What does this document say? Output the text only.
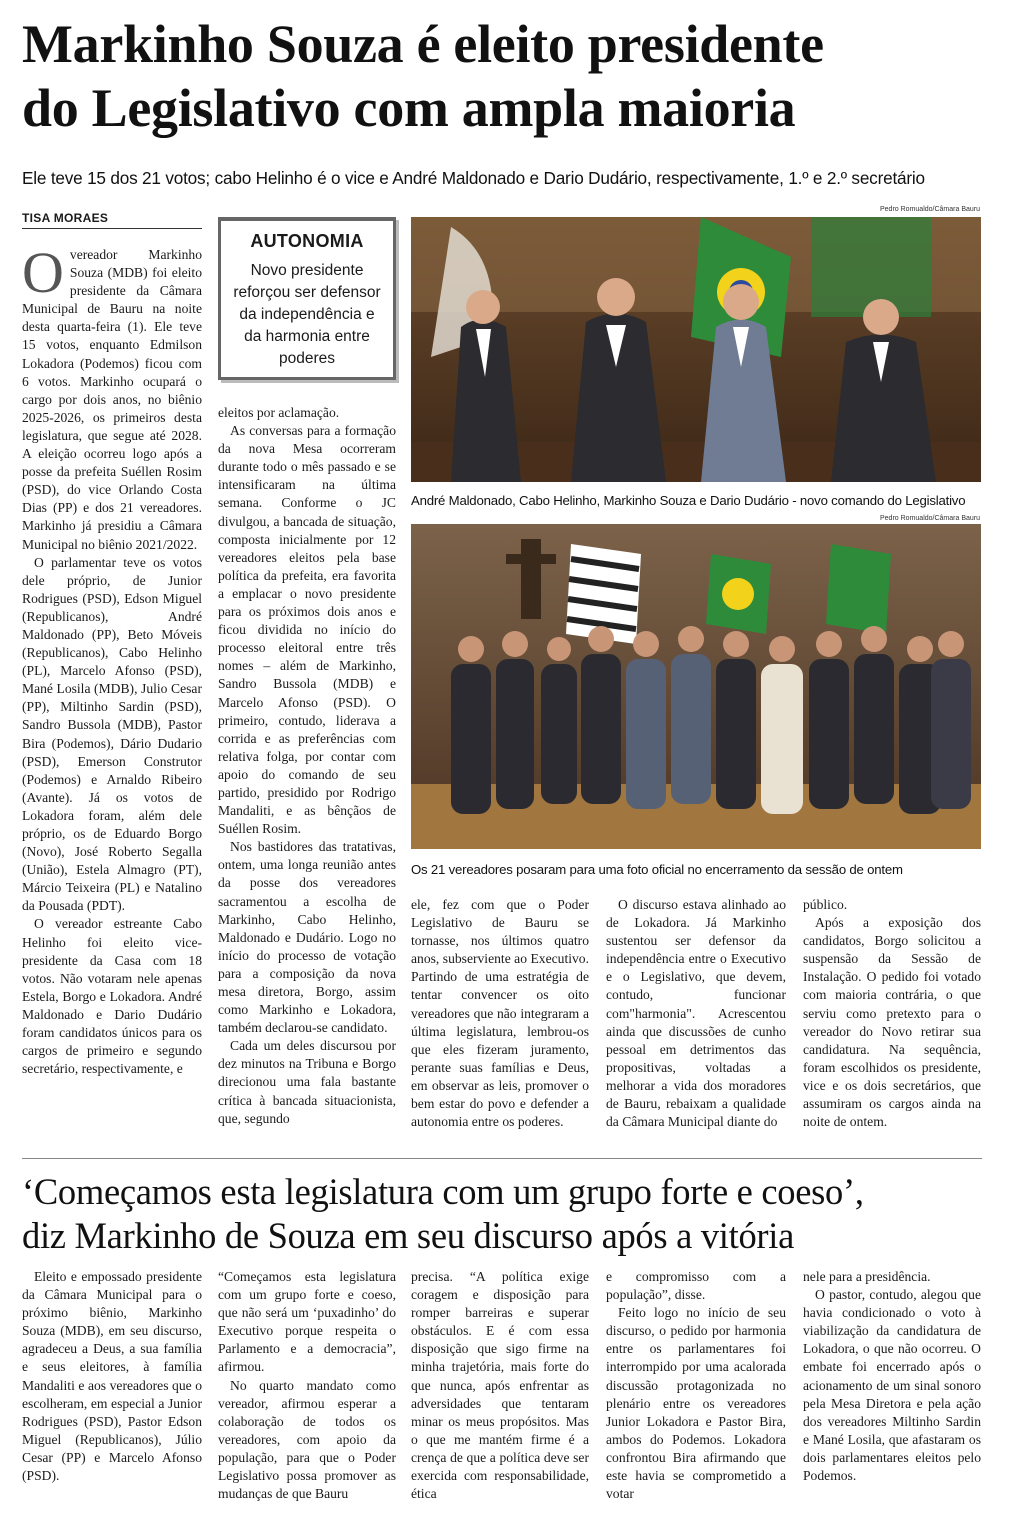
Markinho Souza é eleito presidente
do Legislativo com ampla maioria
Ele teve 15 dos 21 votos; cabo Helinho é o vice e André Maldonado e Dario Dudário, respectivamente, 1.º e 2.º secretário
TISA MORAES

Overeador Markinho Souza (MDB) foi eleito presidente da Câmara Municipal de Bauru na noite desta quarta-feira (1). Ele teve 15 votos, enquanto Edmilson Lokadora (Podemos) ficou com 6 votos. Markinho ocupará o cargo por dois anos, no biênio 2025-2026, os primeiros desta legislatura, que segue até 2028. A eleição ocorreu logo após a posse da prefeita Suéllen Rosim (PSD), do vice Orlando Costa Dias (PP) e dos 21 vereadores. Markinho já presidiu a Câmara Municipal no biênio 2021/2022.

O parlamentar teve os votos dele próprio, de Junior Rodrigues (PSD), Edson Miguel (Republicanos), André Maldonado (PP), Beto Móveis (Republicanos), Cabo Helinho (PL), Marcelo Afonso (PSD), Mané Losila (MDB), Julio Cesar (PP), Miltinho Sardin (PSD), Sandro Bussola (MDB), Pastor Bira (Podemos), Dário Dudario (PSD), Emerson Construtor (Podemos) e Arnaldo Ribeiro (Avante). Já os votos de Lokadora foram, além dele próprio, os de Eduardo Borgo (Novo), José Roberto Segalla (União), Estela Almagro (PT), Márcio Teixeira (PL) e Natalino da Pousada (PDT).

O vereador estreante Cabo Helinho foi eleito vice-presidente da Casa com 18 votos. Não votaram nele apenas Estela, Borgo e Lokadora. André Maldonado e Dario Dudário foram candidatos únicos para os cargos de primeiro e segundo secretário, respectivamente, e

AUTONOMIA
Novo presidente reforçou ser defensor da independência e da harmonia entre poderes

eleitos por aclamação.

As conversas para a formação da nova Mesa ocorreram durante todo o mês passado e se intensificaram na última semana. Conforme o JC divulgou, a bancada de situação, composta inicialmente por 12 vereadores eleitos pela base política da prefeita, era favorita a emplacar o novo presidente para os próximos dois anos e ficou dividida no início do processo eleitoral entre três nomes – além de Markinho, Sandro Bussola (MDB) e Marcelo Afonso (PSD). O primeiro, contudo, liderava a corrida e as preferências com relativa folga, por contar com apoio do comando de seu partido, presidido por Rodrigo Mandaliti, e as bênçãos de Suéllen Rosim.

Nos bastidores das tratativas, ontem, uma longa reunião antes da posse dos vereadores sacramentou a escolha de Markinho, Cabo Helinho, Maldonado e Dudário. Logo no início do processo de votação para a composição da nova mesa diretora, Borgo, assim como Markinho e Lokadora, também declarou-se candidato.

Cada um deles discursou por dez minutos na Tribuna e Borgo direcionou uma fala bastante crítica à bancada situacionista, que, segundo

Pedro Romualdo/Câmara Bauru
André Maldonado, Cabo Helinho, Markinho Souza e Dario Dudário - novo comando do Legislativo
Pedro Romualdo/Câmara Bauru
Os 21 vereadores posaram para uma foto oficial no encerramento da sessão de ontem

ele, fez com que o Poder Legislativo de Bauru se tornasse, nos últimos quatro anos, subserviente ao Executivo. Partindo de uma estratégia de tentar convencer os oito vereadores que não integraram a última legislatura, lembrou-os que eles fizeram juramento, perante suas famílias e Deus, em observar as leis, promover o bem estar do povo e defender a autonomia entre os poderes.

O discurso estava alinhado ao de Lokadora. Já Markinho sustentou ser defensor da independência entre o Executivo e o Legislativo, que devem, contudo, funcionar com"harmonia". Acrescentou ainda que discussões de cunho pessoal em detrimentos das propositivas, voltadas a melhorar a vida dos moradores de Bauru, rebaixam a qualidade da Câmara Municipal diante do

público.

Após a exposição dos candidatos, Borgo solicitou a suspensão da Sessão de Instalação. O pedido foi votado com maioria contrária, o que serviu como pretexto para o vereador do Novo retirar sua candidatura. Na sequência, foram escolhidos os presidente, vice e os dois secretários, que assumiram os cargos ainda na noite de ontem.

‘Começamos esta legislatura com um grupo forte e coeso’,
diz Markinho de Souza em seu discurso após a vitória

Eleito e empossado presidente da Câmara Municipal para o próximo biênio, Markinho Souza (MDB), em seu discurso, agradeceu a Deus, a sua família e seus eleitores, à família Mandaliti e aos vereadores que o escolheram, em especial a Junior Rodrigues (PSD), Pastor Edson Miguel (Republicanos), Júlio Cesar (PP) e Marcelo Afonso (PSD).

“Começamos esta legislatura com um grupo forte e coeso, que não será um ‘puxadinho’ do Executivo porque respeita o Parlamento e a democracia”, afirmou.

No quarto mandato como vereador, afirmou esperar a colaboração de todos os vereadores, com apoio da população, para que o Poder Legislativo possa promover as mudanças de que Bauru

precisa. “A política exige coragem e disposição para romper barreiras e superar obstáculos. E é com essa disposição que sigo firme na minha trajetória, mais forte do que nunca, após enfrentar as adversidades que tentaram minar os meus propósitos. Mas o que me mantém firme é a crença de que a política deve ser exercida com responsabilidade, ética

e compromisso com a população”, disse.

Feito logo no início de seu discurso, o pedido por harmonia entre os parlamentares foi interrompido por uma acalorada discussão protagonizada no plenário entre os vereadores Junior Lokadora e Pastor Bira, ambos do Podemos. Lokadora confrontou Bira afirmando que este havia se comprometido a votar

nele para a presidência.

O pastor, contudo, alegou que havia condicionado o voto à viabilização da candidatura de Lokadora, o que não ocorreu. O embate foi encerrado após o acionamento de um sinal sonoro pela Mesa Diretora e pela ação dos vereadores Miltinho Sardin e Mané Losila, que afastaram os dois parlamentares eleitos pelo Podemos.
